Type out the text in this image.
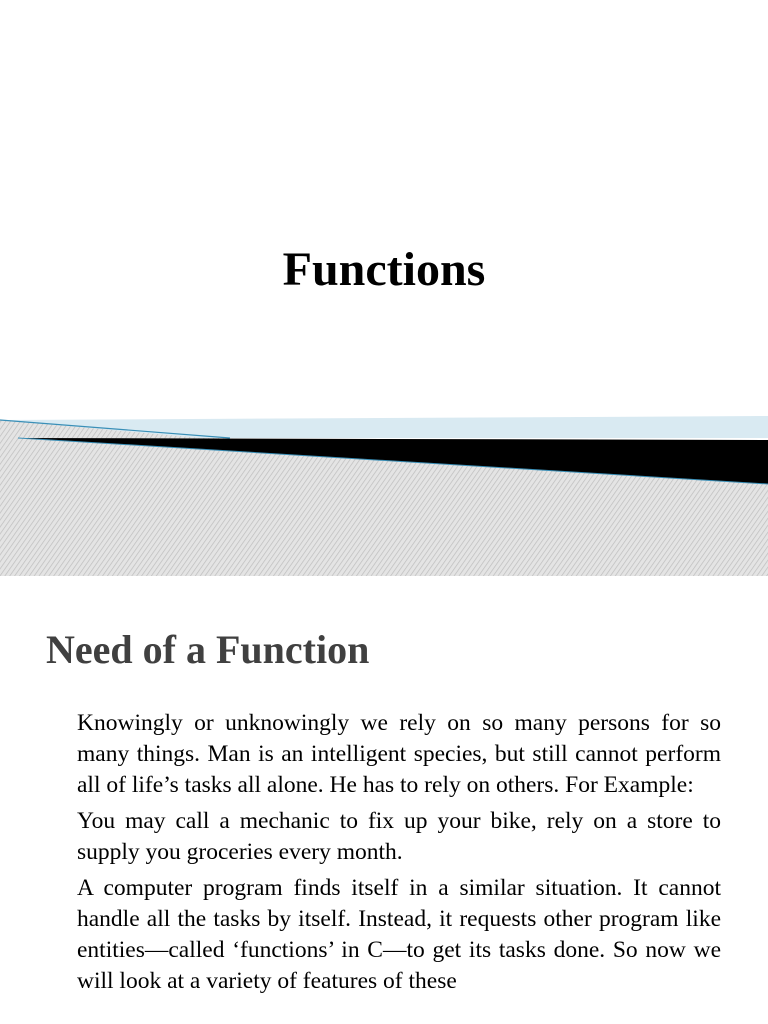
Functions
Need of a Function

Knowingly or unknowingly we rely on so many persons for so many things. Man is an intelligent species, but still cannot perform all of life’s tasks all alone. He has to rely on others. For Example:

You may call a mechanic to fix up your bike, rely on a store to supply you groceries every month.

A computer program finds itself in a similar situation. It cannot handle all the tasks by itself. Instead, it requests other program like entities—called ‘functions’ in C—to get its tasks done. So now we will look at a variety of features of these
